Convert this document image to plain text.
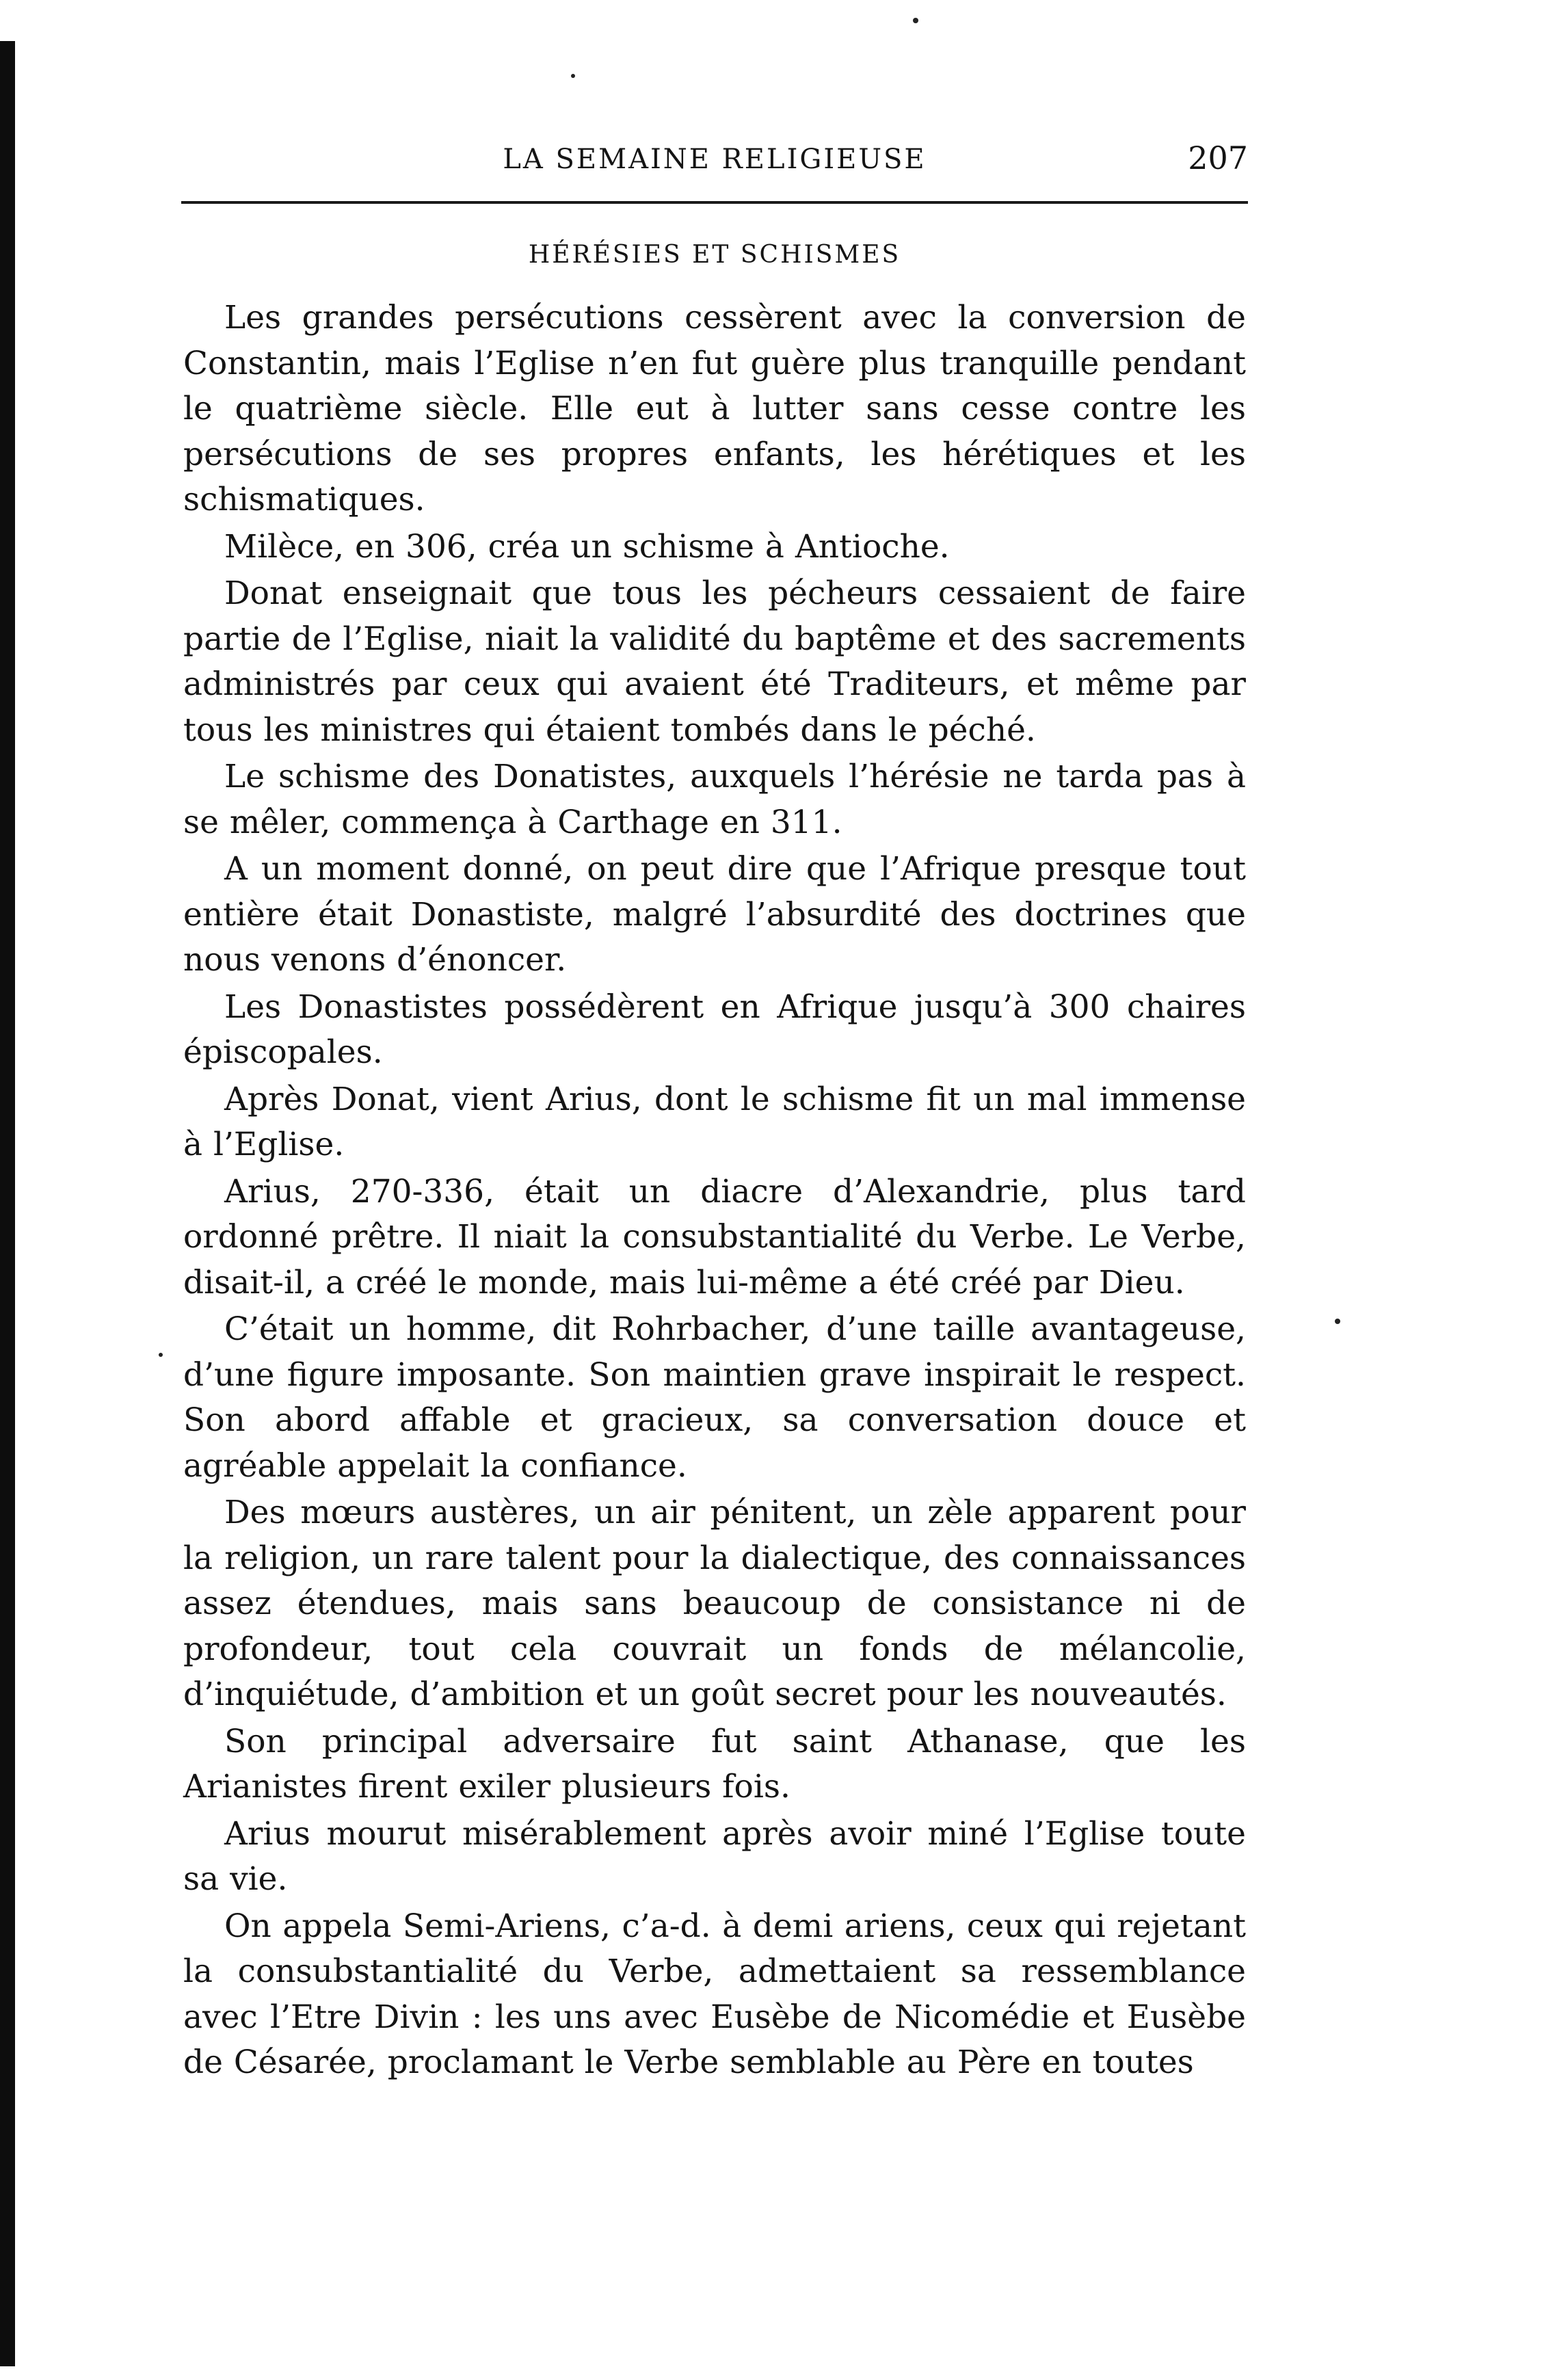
LA SEMAINE RELIGIEUSE	207
HÉRÉSIES ET SCHISMES

Les grandes persécutions cessèrent avec la conversion de Constantin, mais l’Eglise n’en fut guère plus tranquille pendant le quatrième siècle. Elle eut à lutter sans cesse contre les persécutions de ses propres enfants, les hérétiques et les schismatiques.

Milèce, en 306, créa un schisme à Antioche.

Donat enseignait que tous les pécheurs cessaient de faire partie de l’Eglise, niait la validité du baptême et des sacrements administrés par ceux qui avaient été Traditeurs, et même par tous les ministres qui étaient tombés dans le péché.

Le schisme des Donatistes, auxquels l’hérésie ne tarda pas à se mêler, commença à Carthage en 311.

A un moment donné, on peut dire que l’Afrique presque tout entière était Donastiste, malgré l’absurdité des doctrines que nous venons d’énoncer.

Les Donastistes possédèrent en Afrique jusqu’à 300 chaires épiscopales.

Après Donat, vient Arius, dont le schisme fit un mal immense à l’Eglise.

Arius, 270-336, était un diacre d’Alexandrie, plus tard ordonné prêtre. Il niait la consubstantialité du Verbe. Le Verbe, disait-il, a créé le monde, mais lui-même a été créé par Dieu.

C’était un homme, dit Rohrbacher, d’une taille avantageuse, d’une figure imposante. Son maintien grave inspirait le respect. Son abord affable et gracieux, sa conversation douce et agréable appelait la confiance.

Des mœurs austères, un air pénitent, un zèle apparent pour la religion, un rare talent pour la dialectique, des connaissances assez étendues, mais sans beaucoup de consistance ni de profondeur, tout cela couvrait un fonds de mélancolie, d’inquiétude, d’ambition et un goût secret pour les nouveautés.

Son principal adversaire fut saint Athanase, que les Arianistes firent exiler plusieurs fois.

Arius mourut misérablement après avoir miné l’Eglise toute sa vie.

On appela Semi-Ariens, c’a-d. à demi ariens, ceux qui rejetant la consubstantialité du Verbe, admettaient sa ressemblance avec l’Etre Divin : les uns avec Eusèbe de Nicomédie et Eusèbe de Césarée, proclamant le Verbe semblable au Père en toutes
